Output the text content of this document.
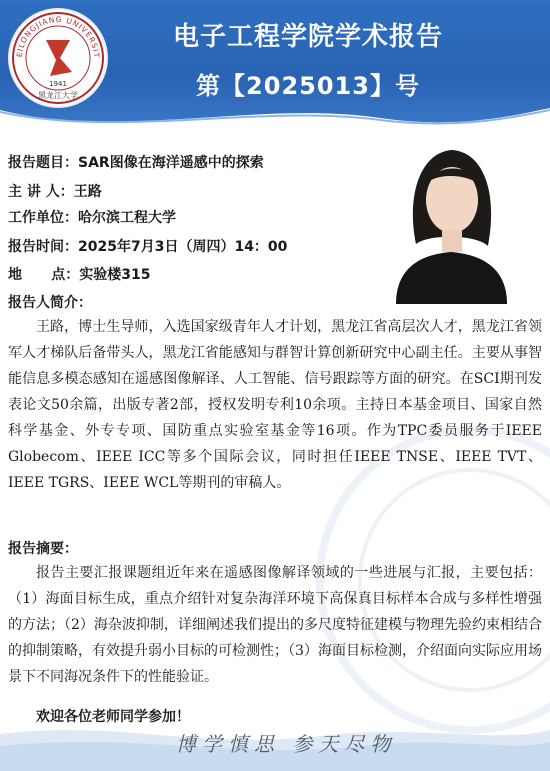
EILONGJIANG UNIVERSIT
1941
黑龙江大学
电子工程学院学术报告
第【2025013】号
报告题目：SAR图像在海洋遥感中的探索
主 讲 人：王路
工作单位：哈尔滨工程大学
报告时间：2025年7月3日（周四）14：00
地      点：实验楼315
报告人简介：
王路，博士生导师，入选国家级青年人才计划，黑龙江省高层次人才，黑龙江省领军人才梯队后备带头人，黑龙江省能感知与群智计算创新研究中心副主任。主要从事智能信息多模态感知在遥感图像解译、人工智能、信号跟踪等方面的研究。在SCI期刊发表论文50余篇，出版专著2部，授权发明专利10余项。主持日本基金项目、国家自然科学基金、外专专项、国防重点实验室基金等16项。作为TPC委员服务于IEEE Globecom、IEEE ICC等多个国际会议，同时担任IEEE TNSE、IEEE TVT、IEEE TGRS、IEEE WCL等期刊的审稿人。
报告摘要：
报告主要汇报课题组近年来在遥感图像解译领域的一些进展与汇报，主要包括：（1）海面目标生成，重点介绍针对复杂海洋环境下高保真目标样本合成与多样性增强的方法；（2）海杂波抑制，详细阐述我们提出的多尺度特征建模与物理先验约束相结合的抑制策略，有效提升弱小目标的可检测性；（3）海面目标检测，介绍面向实际应用场景下不同海况条件下的性能验证。
欢迎各位老师同学参加！
博学慎思 参天尽物
